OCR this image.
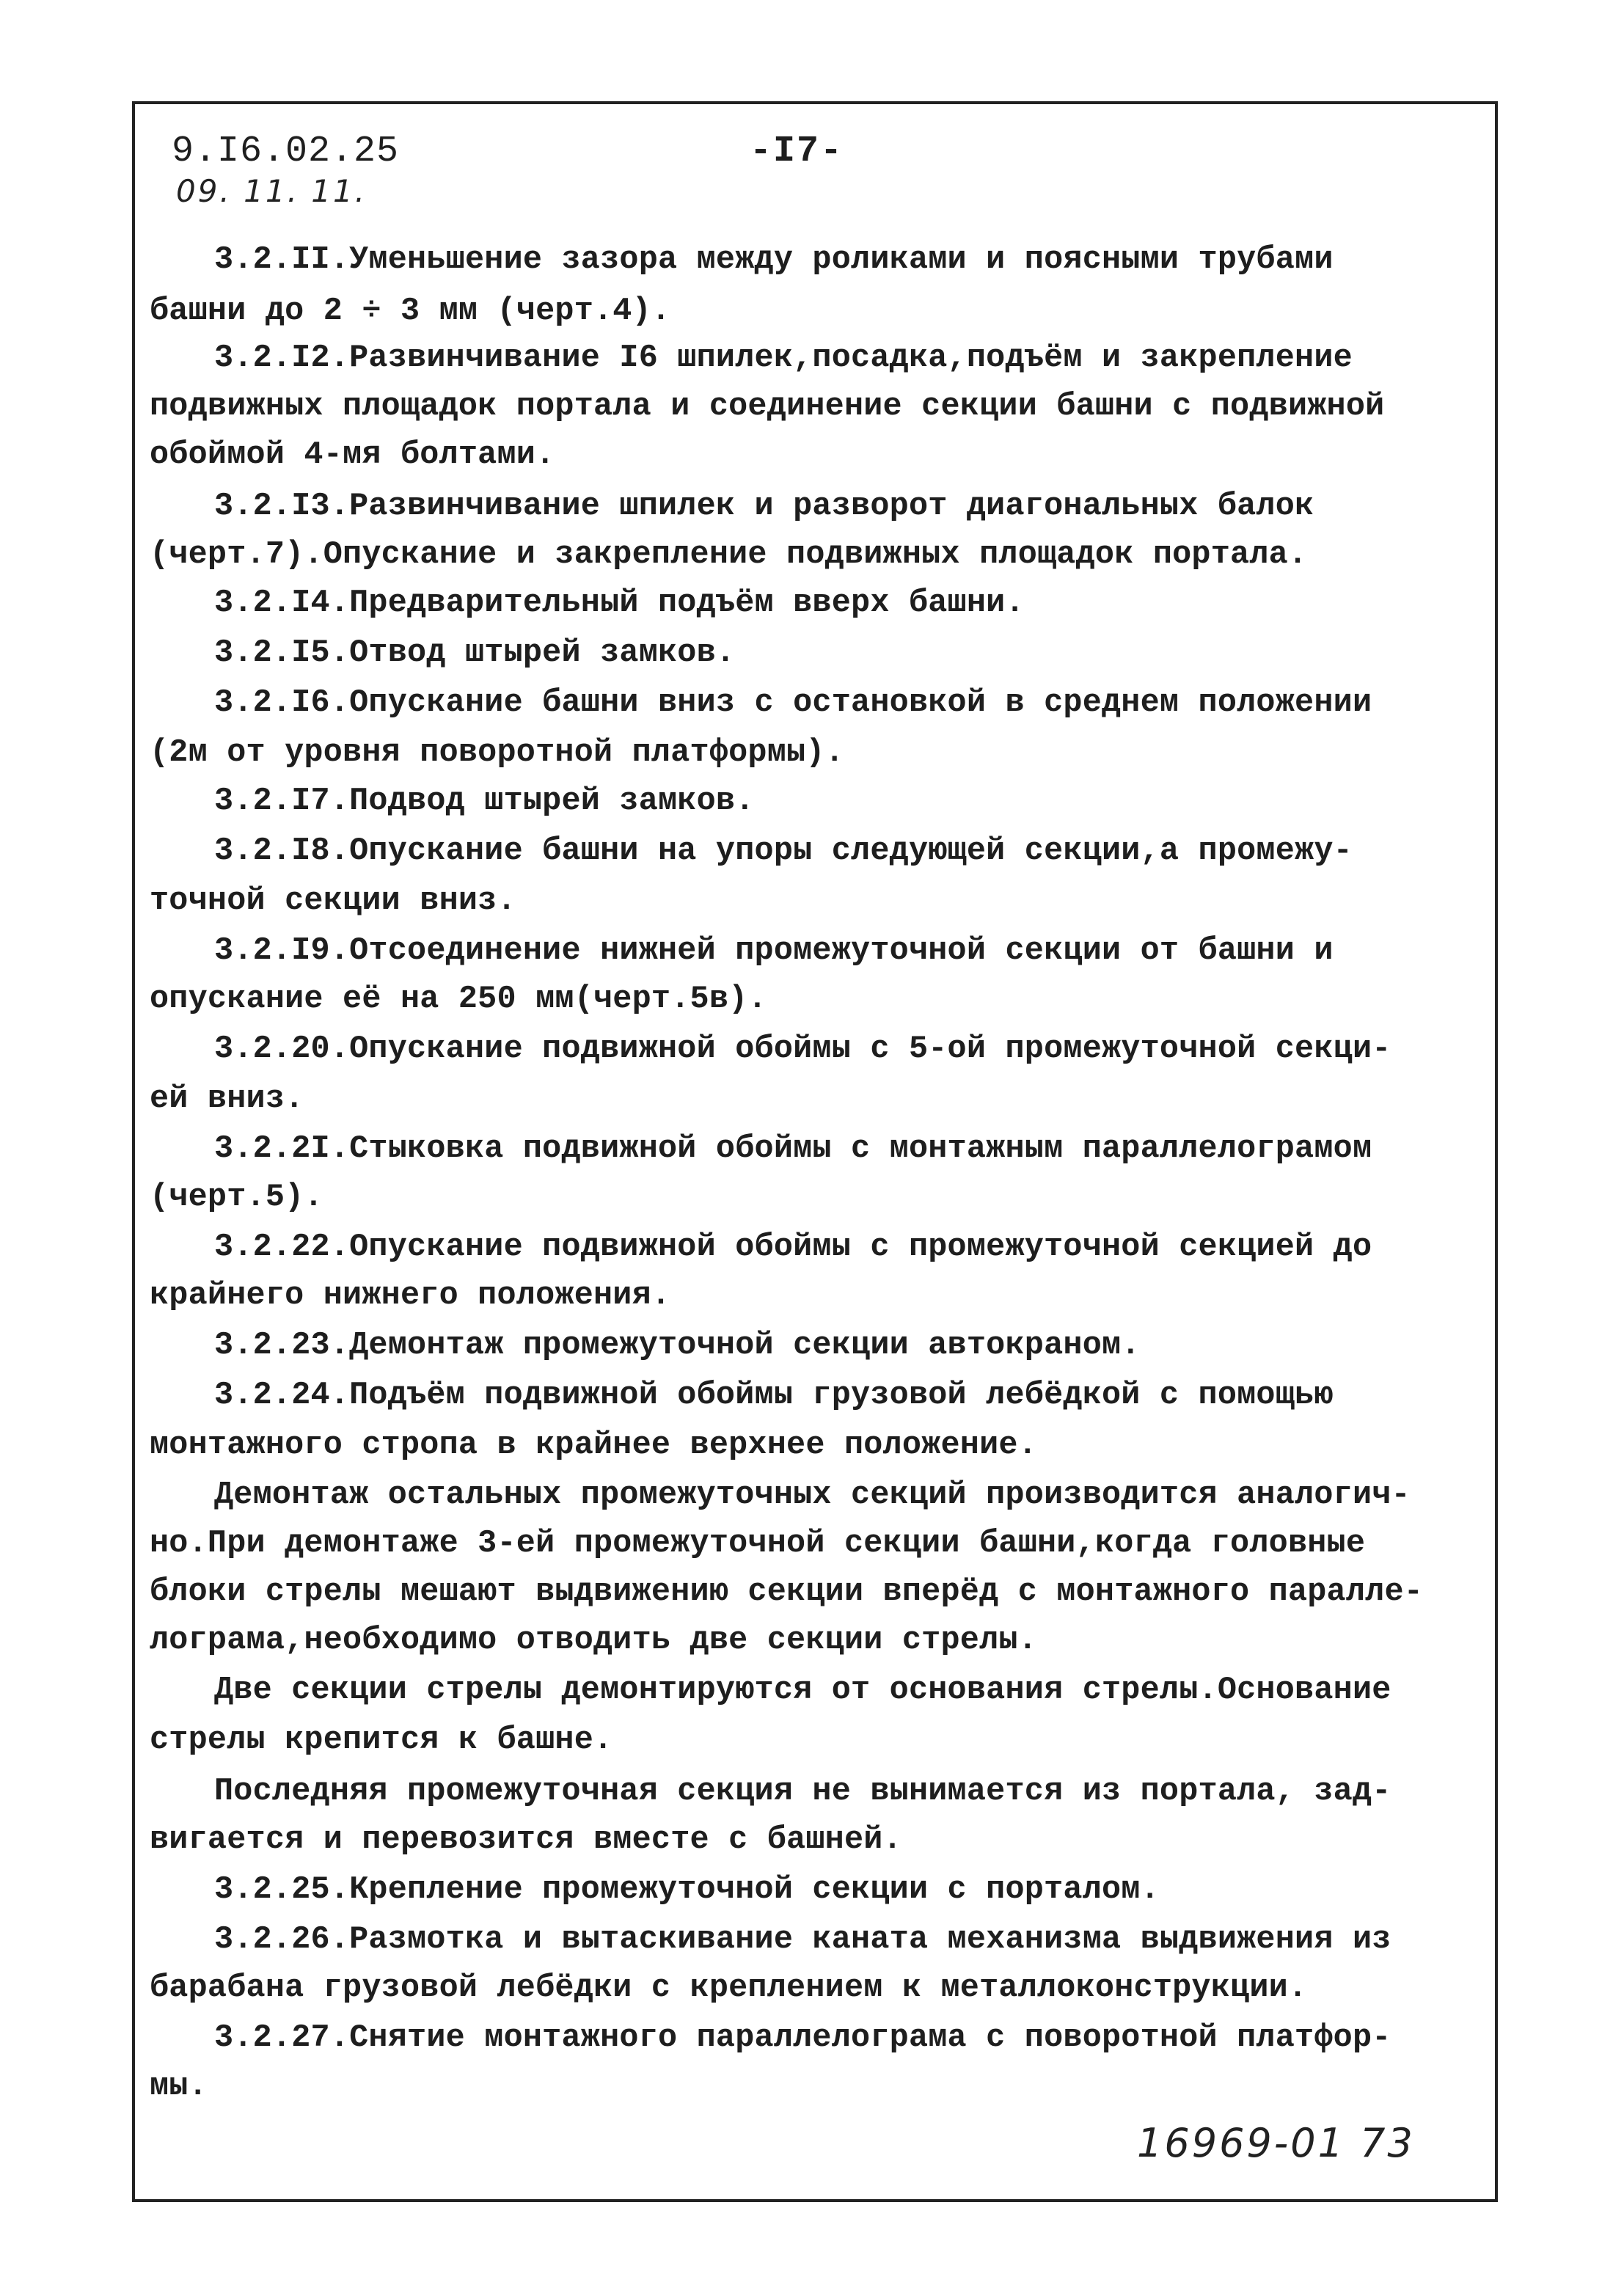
9.I6.02.25	-I7-
09. 11. 11.
3.2.II.Уменьшение зазора между роликами и поясными трубами
башни до 2 ÷ 3 мм (черт.4).
3.2.I2.Развинчивание I6 шпилек,посадка,подъём и закрепление
подвижных площадок портала и соединение секции башни с подвижной
обоймой 4-мя болтами.
3.2.I3.Развинчивание шпилек и разворот диагональных балок
(черт.7).Опускание и закрепление подвижных площадок портала.
3.2.I4.Предварительный подъём вверх башни.
3.2.I5.Отвод штырей замков.
3.2.I6.Опускание башни вниз с остановкой в среднем положении
(2м от уровня поворотной платформы).
3.2.I7.Подвод штырей замков.
3.2.I8.Опускание башни на упоры следующей секции,а промежу-
точной секции вниз.
3.2.I9.Отсоединение нижней промежуточной секции от башни и
опускание её на 250 мм(черт.5в).
3.2.20.Опускание подвижной обоймы с 5-ой промежуточной секци-
ей вниз.
3.2.2I.Стыковка подвижной обоймы с монтажным параллелограмом
(черт.5).
3.2.22.Опускание подвижной обоймы с промежуточной секцией до
крайнего нижнего положения.
3.2.23.Демонтаж промежуточной секции автокраном.
3.2.24.Подъём подвижной обоймы грузовой лебёдкой с помощью
монтажного стропа в крайнее верхнее положение.
Демонтаж остальных промежуточных секций производится аналогич-
но.При демонтаже 3-ей промежуточной секции башни,когда головные
блоки стрелы мешают выдвижению секции вперёд с монтажного паралле-
лограма,необходимо отводить две секции стрелы.
Две секции стрелы демонтируются от основания стрелы.Основание
стрелы крепится к башне.
Последняя промежуточная секция не вынимается из портала, зад-
вигается и перевозится вместе с башней.
3.2.25.Крепление промежуточной секции с порталом.
3.2.26.Размотка и вытаскивание каната механизма выдвижения из
барабана грузовой лебёдки с креплением к металлоконструкции.
3.2.27.Снятие монтажного параллелограма с поворотной платфор-
мы.
16969-01 73
